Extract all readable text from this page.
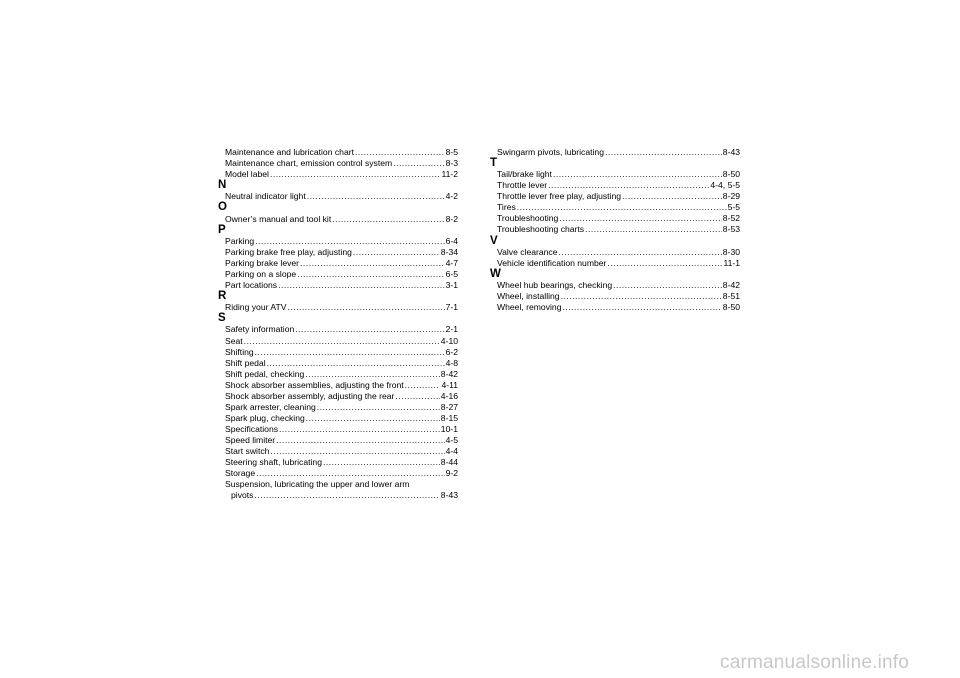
Maintenance and lubrication chart .....	8-5
Maintenance chart, emission control system .....	8-3
Model label .....	11-2
N
Neutral indicator light .....	4-2
O
Owner’s manual and tool kit .....	8-2
P
Parking .....	6-4
Parking brake free play, adjusting .....	8-34
Parking brake lever .....	4-7
Parking on a slope .....	6-5
Part locations .....	3-1
R
Riding your ATV .....	7-1
S
Safety information .....	2-1
Seat .....	4-10
Shifting .....	6-2
Shift pedal .....	4-8
Shift pedal, checking .....	8-42
Shock absorber assemblies, adjusting the front .....	4-11
Shock absorber assembly, adjusting the rear .....	4-16
Spark arrester, cleaning .....	8-27
Spark plug, checking .....	8-15
Specifications .....	10-1
Speed limiter .....	4-5
Start switch .....	4-4
Steering shaft, lubricating .....	8-44
Storage .....	9-2
Suspension, lubricating the upper and lower arm
pivots .....	8-43
Swingarm pivots, lubricating .....	8-43
T
Tail/brake light .....	8-50
Throttle lever .....	4-4, 5-5
Throttle lever free play, adjusting .....	8-29
Tires .....	5-5
Troubleshooting .....	8-52
Troubleshooting charts .....	8-53
V
Valve clearance .....	8-30
Vehicle identification number .....	11-1
W
Wheel hub bearings, checking .....	8-42
Wheel, installing .....	8-51
Wheel, removing .....	8-50
carmanualsonline.info
